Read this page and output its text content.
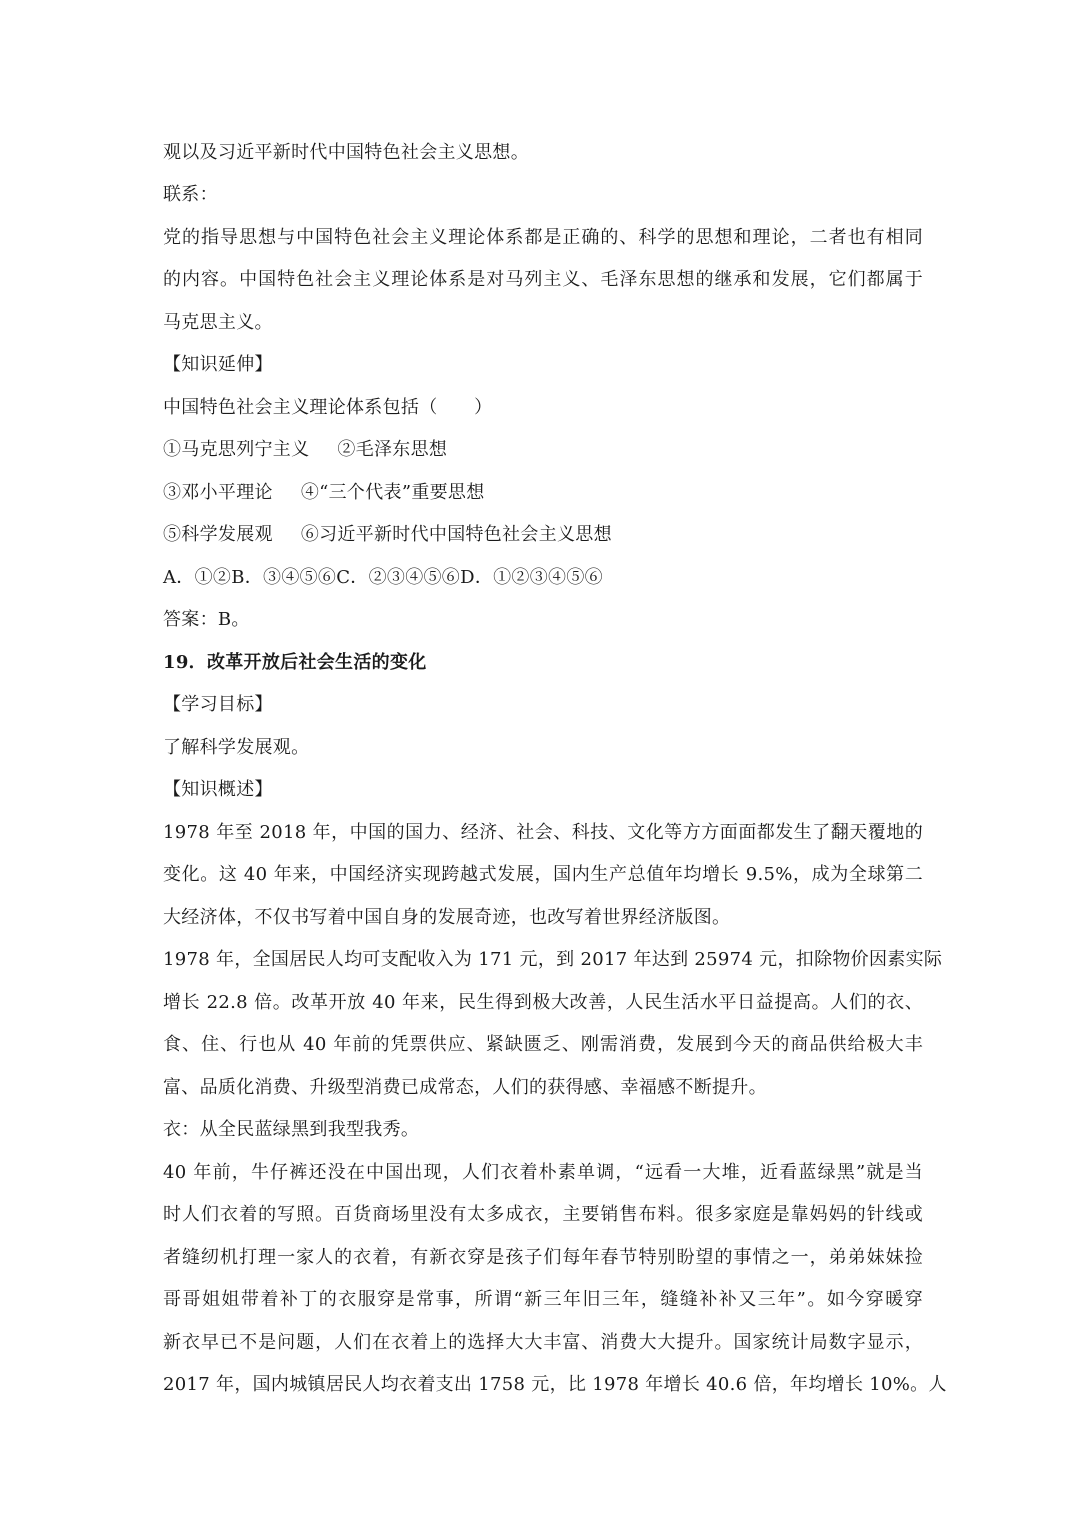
观以及习近平新时代中国特色社会主义思想。
联系：
党的指导思想与中国特色社会主义理论体系都是正确的、科学的思想和理论，二者也有相同
的内容。中国特色社会主义理论体系是对马列主义、毛泽东思想的继承和发展，它们都属于
马克思主义。
【知识延伸】
中国特色社会主义理论体系包括（　　）
①马克思列宁主义 ②毛泽东思想
③邓小平理论 ④“三个代表”重要思想
⑤科学发展观 ⑥习近平新时代中国特色社会主义思想
A．①②B．③④⑤⑥C．②③④⑤⑥D．①②③④⑤⑥
答案：B。
19．改革开放后社会生活的变化
【学习目标】
了解科学发展观。
【知识概述】
1978 年至 2018 年，中国的国力、经济、社会、科技、文化等方方面面都发生了翻天覆地的
变化。这 40 年来，中国经济实现跨越式发展，国内生产总值年均增长 9.5%，成为全球第二
大经济体，不仅书写着中国自身的发展奇迹，也改写着世界经济版图。
1978 年，全国居民人均可支配收入为 171 元，到 2017 年达到 25974 元，扣除物价因素实际
增长 22.8 倍。改革开放 40 年来，民生得到极大改善，人民生活水平日益提高。人们的衣、
食、住、行也从 40 年前的凭票供应、紧缺匮乏、刚需消费，发展到今天的商品供给极大丰
富、品质化消费、升级型消费已成常态，人们的获得感、幸福感不断提升。
衣：从全民蓝绿黑到我型我秀。
40 年前，牛仔裤还没在中国出现，人们衣着朴素单调，“远看一大堆，近看蓝绿黑”就是当
时人们衣着的写照。百货商场里没有太多成衣，主要销售布料。很多家庭是靠妈妈的针线或
者缝纫机打理一家人的衣着，有新衣穿是孩子们每年春节特别盼望的事情之一，弟弟妹妹捡
哥哥姐姐带着补丁的衣服穿是常事，所谓“新三年旧三年，缝缝补补又三年”。如今穿暖穿
新衣早已不是问题，人们在衣着上的选择大大丰富、消费大大提升。国家统计局数字显示，
2017 年，国内城镇居民人均衣着支出 1758 元，比 1978 年增长 40.6 倍，年均增长 10%。人
